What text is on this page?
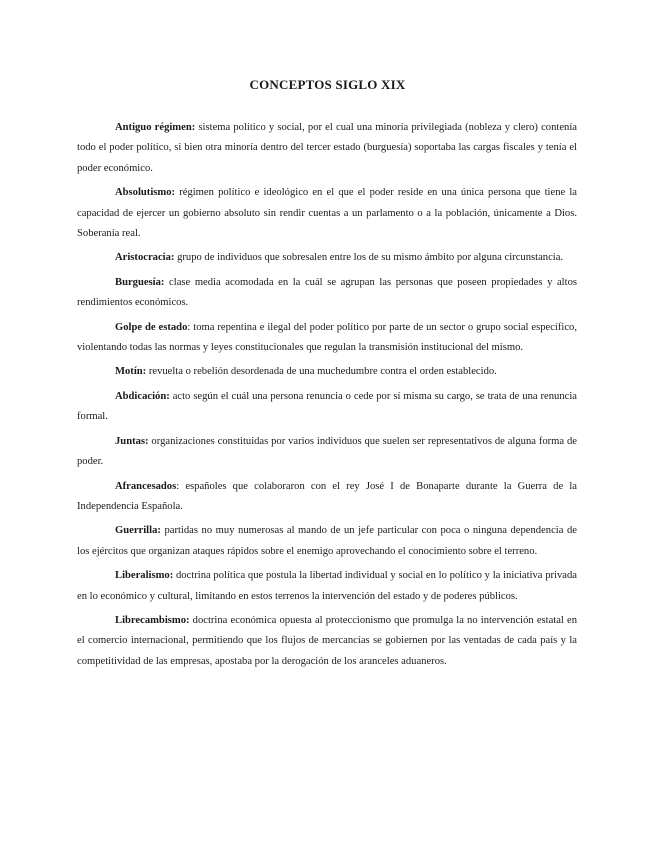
CONCEPTOS SIGLO XIX

Antiguo régimen: sistema político y social, por el cual una minoría privilegiada (nobleza y clero) contenía todo el poder político, si bien otra minoría dentro del tercer estado (burguesía) soportaba las cargas fiscales y tenía el poder económico.

Absolutismo: régimen político e ideológico en el que el poder reside en una única persona que tiene la capacidad de ejercer un gobierno absoluto sin rendir cuentas a un parlamento o a la población, únicamente a Dios. Soberanía real.

Aristocracia: grupo de individuos que sobresalen entre los de su mismo ámbito por alguna circunstancia.

Burguesía: clase media acomodada en la cuál se agrupan las personas que poseen propiedades y altos rendimientos económicos.

Golpe de estado: toma repentina e ilegal del poder político por parte de un sector o grupo social específico, violentando todas las normas y leyes constitucionales que regulan la transmisión institucional del mismo.

Motín: revuelta o rebelión desordenada de una muchedumbre contra el orden establecido.

Abdicación: acto según el cuál una persona renuncia o cede por sí misma su cargo, se trata de una renuncia formal.

Juntas: organizaciones constituidas por varios individuos que suelen ser representativos de alguna forma de poder.

Afrancesados: españoles que colaboraron con el rey José I de Bonaparte durante la Guerra de la Independencia Española.

Guerrilla: partidas no muy numerosas al mando de un jefe particular con poca o ninguna dependencia de los ejércitos que organizan ataques rápidos sobre el enemigo aprovechando el conocimiento sobre el terreno.

Liberalismo: doctrina política que postula la libertad individual y social en lo político y la iniciativa privada en lo económico y cultural, limitando en estos terrenos la intervención del estado y de poderes públicos.

Librecambismo: doctrina económica opuesta al proteccionismo que promulga la no intervención estatal en el comercio internacional, permitiendo que los flujos de mercancías se gobiernen por las ventadas de cada país y la competitividad de las empresas, apostaba por la derogación de los aranceles aduaneros.
